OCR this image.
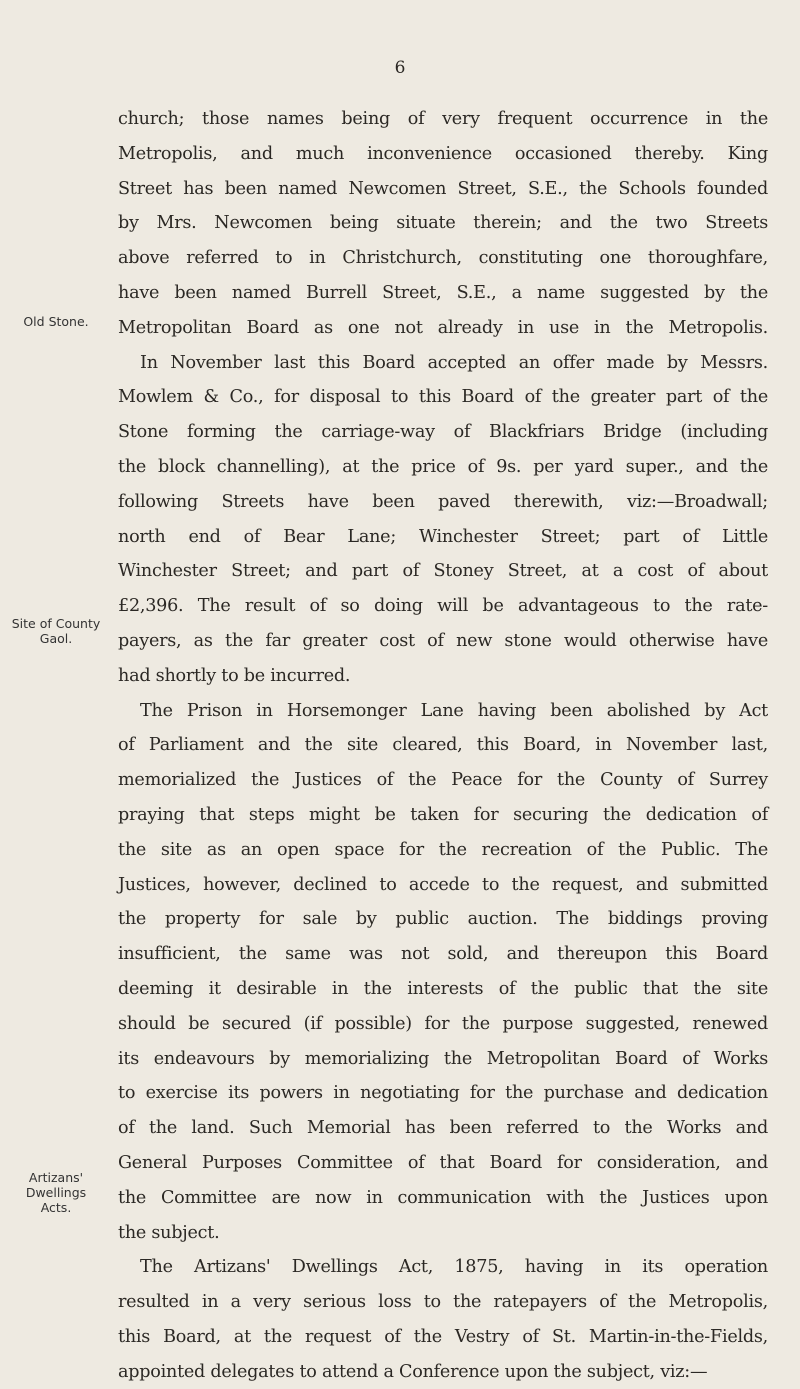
6
Old Stone.
Site of County
Gaol.
Artizans'
Dwellings
Acts.
church; those names being of very frequent occurrence in the
Metropolis, and much inconvenience occasioned thereby. King
Street has been named Newcomen Street, S.E., the Schools founded
by Mrs. Newcomen being situate therein; and the two Streets
above referred to in Christchurch, constituting one thoroughfare,
have been named Burrell Street, S.E., a name suggested by the
Metropolitan Board as one not already in use in the Metropolis.
In November last this Board accepted an offer made by Messrs.
Mowlem & Co., for disposal to this Board of the greater part of the
Stone forming the carriage-way of Blackfriars Bridge (including
the block channelling), at the price of 9s. per yard super., and the
following Streets have been paved therewith, viz:—Broadwall;
north end of Bear Lane; Winchester Street; part of Little
Winchester Street; and part of Stoney Street, at a cost of about
£2,396. The result of so doing will be advantageous to the rate-
payers, as the far greater cost of new stone would otherwise have
had shortly to be incurred.
The Prison in Horsemonger Lane having been abolished by Act
of Parliament and the site cleared, this Board, in November last,
memorialized the Justices of the Peace for the County of Surrey
praying that steps might be taken for securing the dedication of
the site as an open space for the recreation of the Public. The
Justices, however, declined to accede to the request, and submitted
the property for sale by public auction. The biddings proving
insufficient, the same was not sold, and thereupon this Board
deeming it desirable in the interests of the public that the site
should be secured (if possible) for the purpose suggested, renewed
its endeavours by memorializing the Metropolitan Board of Works
to exercise its powers in negotiating for the purchase and dedication
of the land. Such Memorial has been referred to the Works and
General Purposes Committee of that Board for consideration, and
the Committee are now in communication with the Justices upon
the subject.
The Artizans' Dwellings Act, 1875, having in its operation
resulted in a very serious loss to the ratepayers of the Metropolis,
this Board, at the request of the Vestry of St. Martin-in-the-Fields,
appointed delegates to attend a Conference upon the subject, viz:—
